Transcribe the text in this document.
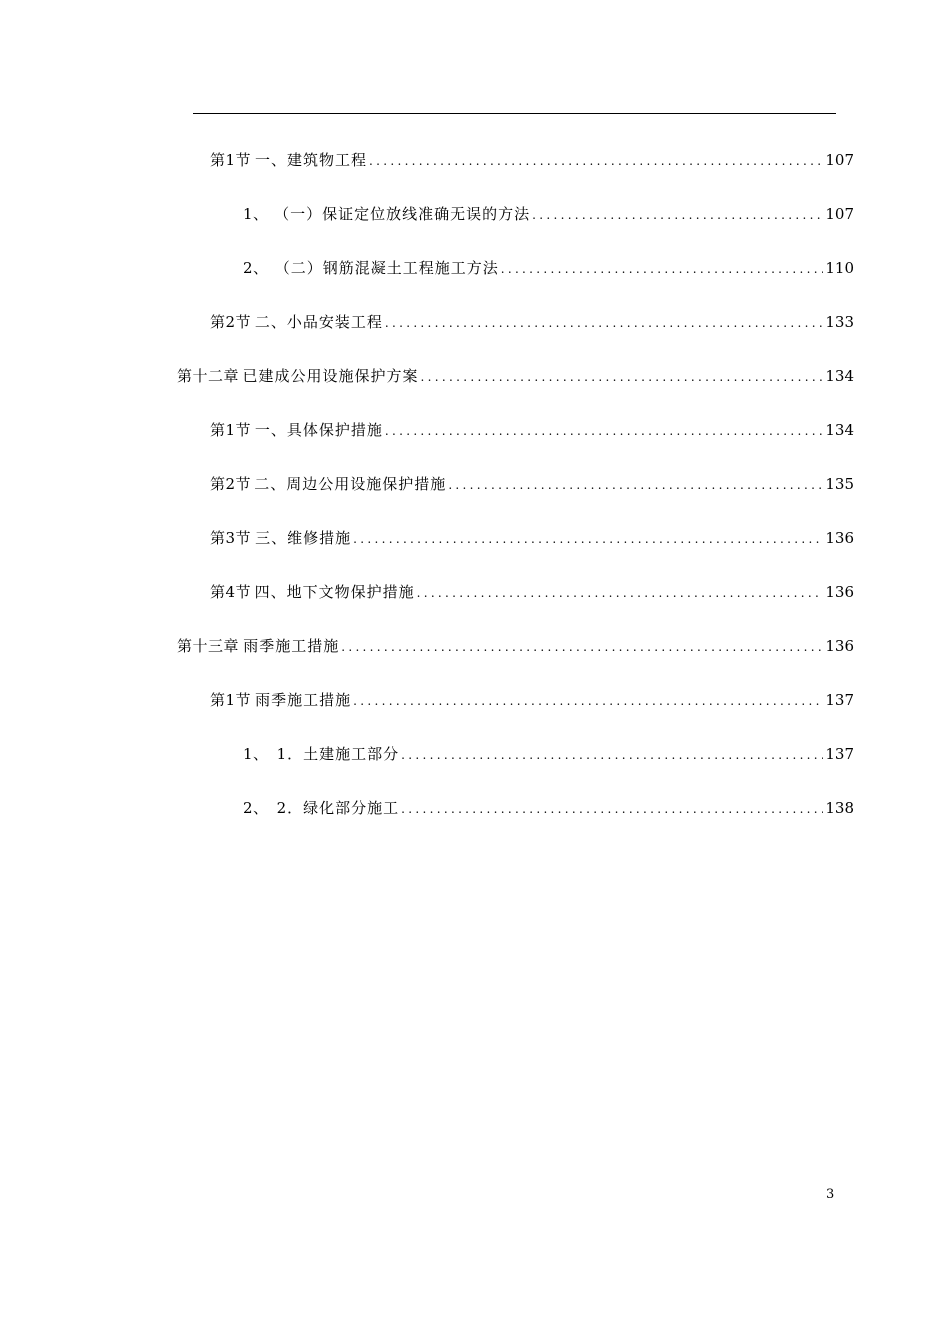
第1节 一、建筑物工程 .....	107
1、 （一）保证定位放线准确无误的方法 .....	107
2、 （二）钢筋混凝土工程施工方法 .....	110
第2节 二、小品安装工程 .....	133
第十二章 已建成公用设施保护方案 .....	134
第1节 一、具体保护措施 .....	134
第2节 二、周边公用设施保护措施 .....	135
第3节 三、维修措施 .....	136
第4节 四、地下文物保护措施 .....	136
第十三章 雨季施工措施 .....	136
第1节 雨季施工措施 .....	137
1、 1．土建施工部分 .....	137
2、 2．绿化部分施工 .....	138
3
